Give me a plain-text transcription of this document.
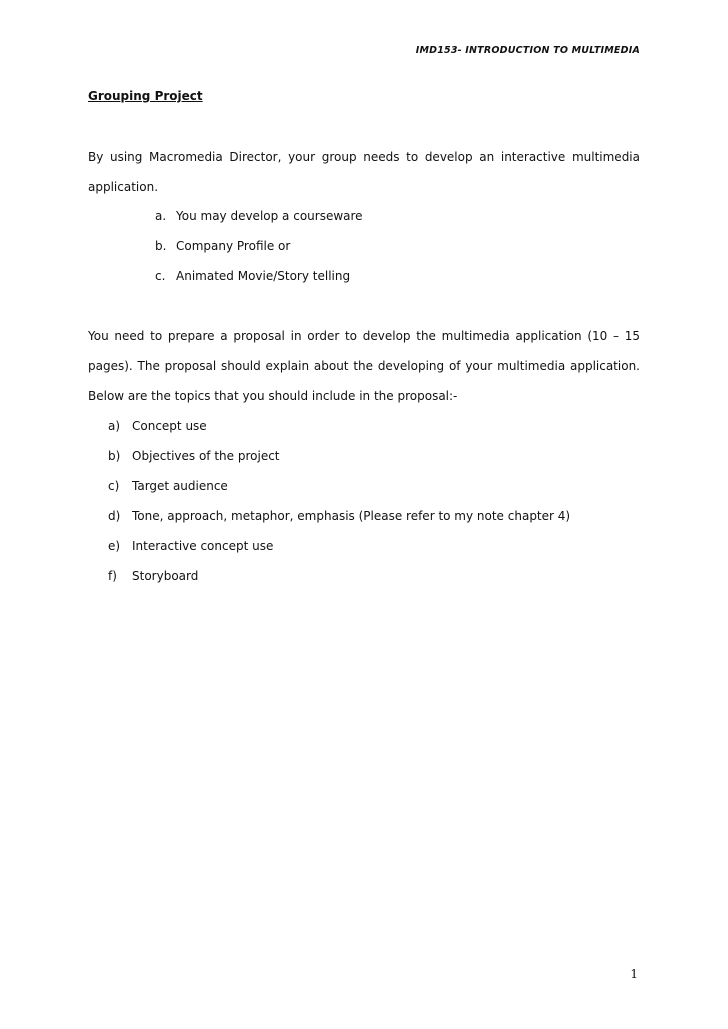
IMD153- INTRODUCTION TO MULTIMEDIA
Grouping Project
By using Macromedia Director, your group needs to develop an interactive multimedia application.
a. You may develop a courseware
b. Company Profile or
c. Animated Movie/Story telling
You need to prepare a proposal in order to develop the multimedia application (10 – 15 pages). The proposal should explain about the developing of your multimedia application. Below are the topics that you should include in the proposal:-
a) Concept use
b) Objectives of the project
c)	Target audience
d) Tone, approach, metaphor, emphasis (Please refer to my note chapter 4)
e) Interactive concept use
f)	Storyboard
1
